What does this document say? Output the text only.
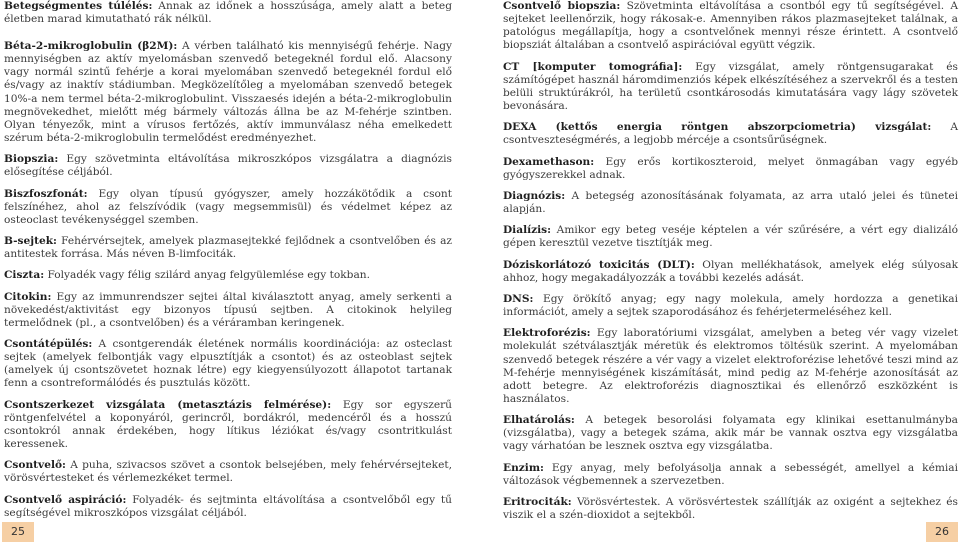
Betegségmentes túlélés: Annak az időnek a hosszúsága, amely alatt a beteg életben marad kimutatható rák nélkül.

Béta-2-mikroglobulin (β2M): A vérben található kis mennyiségű fehérje. Nagy mennyiségben az aktív myelomásban szenvedő betegeknél fordul elő. Alacsony vagy normál szintű fehérje a korai myelomában szenvedő betegeknél fordul elő és/vagy az inaktív stádiumban. Megközelítőleg a myelomában szenvedő betegek 10%-a nem termel béta-2-mikroglobulint. Visszaesés idején a béta-2-mikroglobulin megnövekedhet, mielőtt még bármely változás állna be az M-fehérje szintben. Olyan tényezők, mint a vírusos fertőzés, aktív immunválasz néha emelkedett szérum béta-2-mikroglobulin termelődést eredményezhet.

Biopszia: Egy szövetminta eltávolítása mikroszkópos vizsgálatra a diagnózis elősegítése céljából.

Biszfoszfonát: Egy olyan típusú gyógyszer, amely hozzákötődik a csont felszínéhez, ahol az felszívódik (vagy megsemmisül) és védelmet képez az osteoclast tevékenységgel szemben.

B-sejtek: Fehérvérsejtek, amelyek plazmasejtekké fejlődnek a csontvelőben és az antitestek forrása. Más néven B-limfociták.

Ciszta: Folyadék vagy félig szilárd anyag felgyülemlése egy tokban.

Citokin: Egy az immunrendszer sejtei által kiválasztott anyag, amely serkenti a növekedést/aktivitást egy bizonyos típusú sejtben. A citokinok helyileg termelődnek (pl., a csontvelőben) és a véráramban keringenek.

Csontátépülés: A csontgerendák életének normális koordinációja: az osteclast sejtek (amelyek felbontják vagy elpusztítják a csontot) és az osteoblast sejtek (amelyek új csontszövetet hoznak létre) egy kiegyensúlyozott állapotot tartanak fenn a csontreformálódés és pusztulás között.

Csontszerkezet vizsgálata (metasztázis felmérése): Egy sor egyszerű röntgenfelvétel a koponyáról, gerincről, bordákról, medencéről és a hosszú csontokról annak érdekében, hogy lítikus léziókat és/vagy csontritkulást keressenek.

Csontvelő: A puha, szivacsos szövet a csontok belsejében, mely fehérvérsejteket, vörösvértesteket és vérlemezkéket termel.

Csontvelő aspiráció: Folyadék- és sejtminta eltávolítása a csontvelőből egy tű segítségével mikroszkópos vizsgálat céljából.

Csontvelő biopszia: Szövetminta eltávolítása a csontból egy tű segítségével. A sejteket leellenőrzik, hogy rákosak-e. Amennyiben rákos plazmasejteket találnak, a patológus megállapítja, hogy a csontvelőnek mennyi része érintett. A csontvelő biopsziát általában a csontvelő aspirációval együtt végzik.

CT [komputer tomográfia]: Egy vizsgálat, amely röntgensugarakat és számítógépet használ háromdimenziós képek elkészítéséhez a szervekről és a testen belüli struktúrákról, ha területű csontkárosodás kimutatására vagy lágy szövetek bevonására.

DEXA (kettős energia röntgen abszorpciometria) vizsgálat: A csontveszteségmérés, a legjobb mércéje a csontsűrűségnek.

Dexamethason: Egy erős kortikoszteroid, melyet önmagában vagy egyéb gyógyszerekkel adnak.

Diagnózis: A betegség azonosításának folyamata, az arra utaló jelei és tünetei alapján.

Dialízis: Amikor egy beteg veséje képtelen a vér szűrésére, a vért egy dializáló gépen keresztül vezetve tisztítják meg.

Dóziskorlátozó toxicitás (DLT): Olyan mellékhatások, amelyek elég súlyosak ahhoz, hogy megakadályozzák a további kezelés adását.

DNS: Egy örökítő anyag; egy nagy molekula, amely hordozza a genetikai információt, amely a sejtek szaporodásához és fehérjetermeléséhez kell.

Elektroforézis: Egy laboratóriumi vizsgálat, amelyben a beteg vér vagy vizelet molekulát szétválasztják méretük és elektromos töltésük szerint. A myelomában szenvedő betegek részére a vér vagy a vizelet elektroforézise lehetővé teszi mind az M-fehérje mennyiségének kiszámítását, mind pedig az M-fehérje azonosítását az adott betegre. Az elektroforézis diagnosztikai és ellenőrző eszközként is használatos.

Elhatárolás: A betegek besorolási folyamata egy klinikai esettanulmányba (vizsgálatba), vagy a betegek száma, akik már be vannak osztva egy vizsgálatba vagy várhatóan be lesznek osztva egy vizsgálatba.

Enzim: Egy anyag, mely befolyásolja annak a sebességét, amellyel a kémiai változások végbemennek a szervezetben.

Eritrociták: Vörösvértestek. A vörösvértestek szállítják az oxigént a sejtekhez és viszik el a szén-dioxidot a sejtekből.

25	26
